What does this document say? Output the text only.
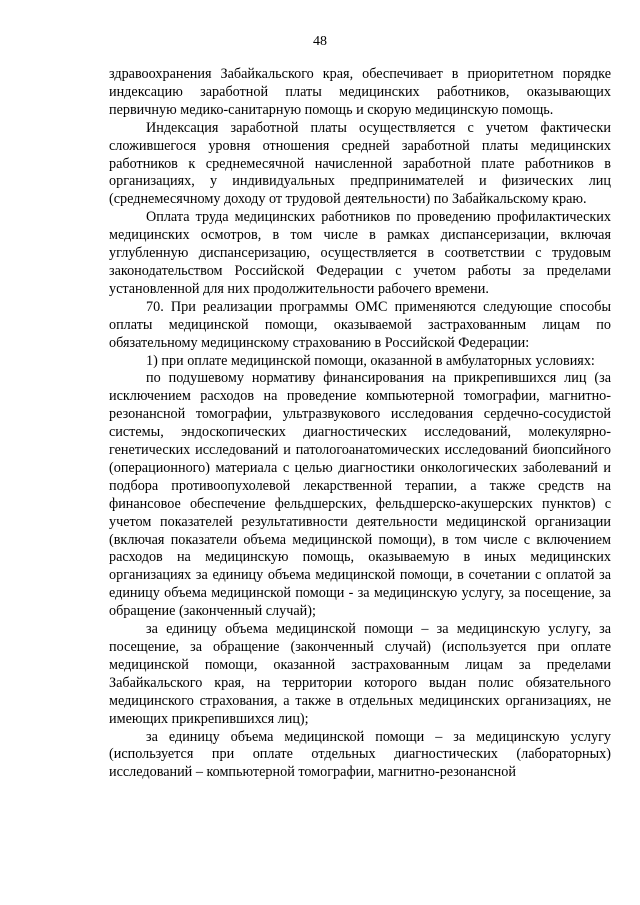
48

здравоохранения Забайкальского края, обеспечивает в приоритетном порядке индексацию заработной платы медицинских работников, оказывающих первичную медико-санитарную помощь и скорую медицинскую помощь.

Индексация заработной платы осуществляется с учетом фактически сложившегося уровня отношения средней заработной платы медицинских работников к среднемесячной начисленной заработной плате работников в организациях, у индивидуальных предпринимателей и физических лиц (среднемесячному доходу от трудовой деятельности) по Забайкальскому краю.

Оплата труда медицинских работников по проведению профилактических медицинских осмотров, в том числе в рамках диспансеризации, включая углубленную диспансеризацию, осуществляется в соответствии с трудовым законодательством Российской Федерации с учетом работы за пределами установленной для них продолжительности рабочего времени.

70. При реализации программы ОМС применяются следующие способы оплаты медицинской помощи, оказываемой застрахованным лицам по обязательному медицинскому страхованию в Российской Федерации:

1) при оплате медицинской помощи, оказанной в амбулаторных условиях:

по подушевому нормативу финансирования на прикрепившихся лиц (за исключением расходов на проведение компьютерной томографии, магнитно-резонансной томографии, ультразвукового исследования сердечно-сосудистой системы, эндоскопических диагностических исследований, молекулярно-генетических исследований и патологоанатомических исследований биопсийного (операционного) материала с целью диагностики онкологических заболеваний и подбора противоопухолевой лекарственной терапии, а также средств на финансовое обеспечение фельдшерских, фельдшерско-акушерских пунктов) с учетом показателей результативности деятельности медицинской организации (включая показатели объема медицинской помощи), в том числе с включением расходов на медицинскую помощь, оказываемую в иных медицинских организациях за единицу объема медицинской помощи, в сочетании с оплатой за единицу объема медицинской помощи - за медицинскую услугу, за посещение, за обращение (законченный случай);

за единицу объема медицинской помощи – за медицинскую услугу, за посещение, за обращение (законченный случай) (используется при оплате медицинской помощи, оказанной застрахованным лицам за пределами Забайкальского края, на территории которого выдан полис обязательного медицинского страхования, а также в отдельных медицинских организациях, не имеющих прикрепившихся лиц);

за единицу объема медицинской помощи – за медицинскую услугу (используется при оплате отдельных диагностических (лабораторных) исследований – компьютерной томографии, магнитно-резонансной
